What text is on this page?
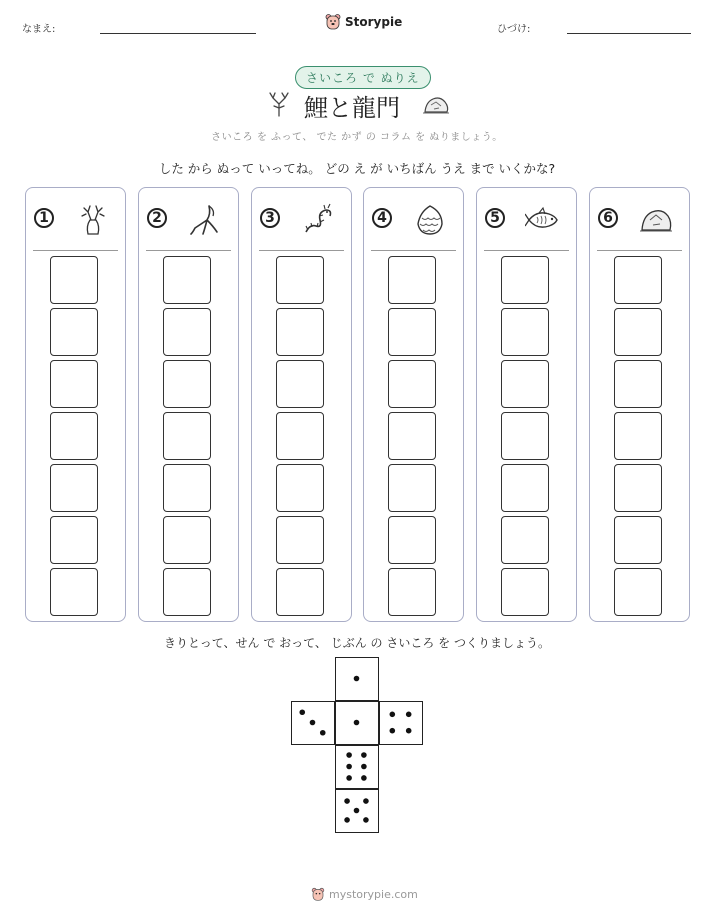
なまえ:
Storypie
ひづけ:
さいころ で ぬりえ
鯉と龍門
さいころ を ふって、 でた かず の コラム を ぬりましょう。
した から ぬって いってね。 どの え が いちばん うえ まで いくかな?
1	2	3	4	5	6
きりとって、せん で おって、 じぶん の さいころ を つくりましょう。
mystorypie.com
